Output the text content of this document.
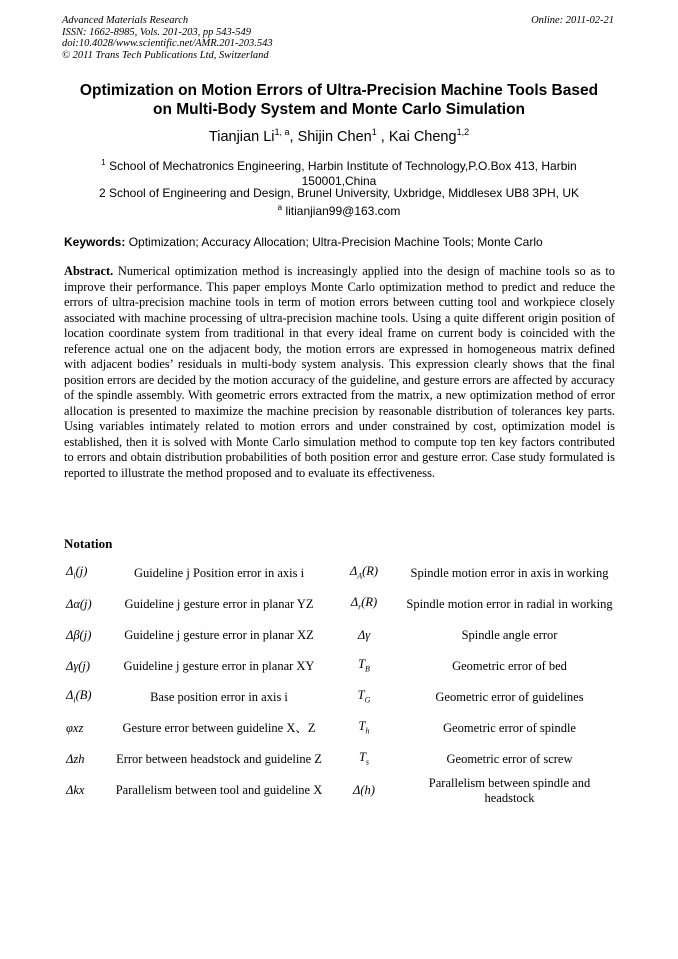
Advanced Materials Research
ISSN: 1662-8985, Vols. 201-203, pp 543-549
doi:10.4028/www.scientific.net/AMR.201-203.543
© 2011 Trans Tech Publications Ltd, Switzerland
Online: 2011-02-21
Optimization on Motion Errors of Ultra-Precision Machine Tools Based
on Multi-Body System and Monte Carlo Simulation
Tianjian Li$^{1, a}$, Shijin Chen$^1$ , Kai Cheng$^{1,2}$
$^1$ School of Mechatronics Engineering, Harbin Institute of Technology,P.O.Box 413, Harbin
150001,China
2 School of Engineering and Design, Brunel University, Uxbridge, Middlesex UB8 3PH, UK
$^a$ litianjian99@163.com
Keywords: Optimization; Accuracy Allocation; Ultra-Precision Machine Tools; Monte Carlo
Abstract. Numerical optimization method is increasingly applied into the design of machine tools so as to improve their performance. This paper employs Monte Carlo optimization method to predict and reduce the errors of ultra-precision machine tools in term of motion errors between cutting tool and workpiece closely associated with machine processing of ultra-precision machine tools. Using a quite different origin position of location coordinate system from traditional in that every ideal frame on current body is coincided with the reference actual one on the adjacent body, the motion errors are expressed in homogeneous matrix defined with adjacent bodies’ residuals in multi-body system analysis. This expression clearly shows that the final position errors are decided by the motion accuracy of the guideline, and gesture errors are affected by accuracy of the spindle assembly. With geometric errors extracted from the matrix, a new optimization method of error allocation is presented to maximize the machine precision by reasonable distribution of tolerances key parts. Using variables intimately related to motion errors and under constrained by cost, optimization model is established, then it is solved with Monte Carlo simulation method to compute top ten key factors contributed to errors and obtain distribution probabilities of both position error and gesture error. Case study formulated is reported to illustrate the method proposed and to evaluate its effectiveness.
Notation
$\Delta_i(j)$	Guideline j Position error in axis i	$\Delta_A(R)$	Spindle motion error in axis in working
Δα(j)	Guideline j gesture error in planar YZ	$\Delta_r(R)$	Spindle motion error in radial in working
Δβ(j)	Guideline j gesture error in planar XZ	Δγ	Spindle angle error
Δγ(j)	Guideline j gesture error in planar XY	$T_B$	Geometric error of bed
$\Delta_i(B)$	Base position error in axis i	$T_G$	Geometric error of guidelines
φxz	Gesture error between guideline X、Z	$T_h$	Geometric error of spindle
Δzh	Error between headstock and guideline Z	$T_s$	Geometric error of screw
Δkx	Parallelism between tool and guideline X	Δ(h)	Parallelism between spindle and headstock
